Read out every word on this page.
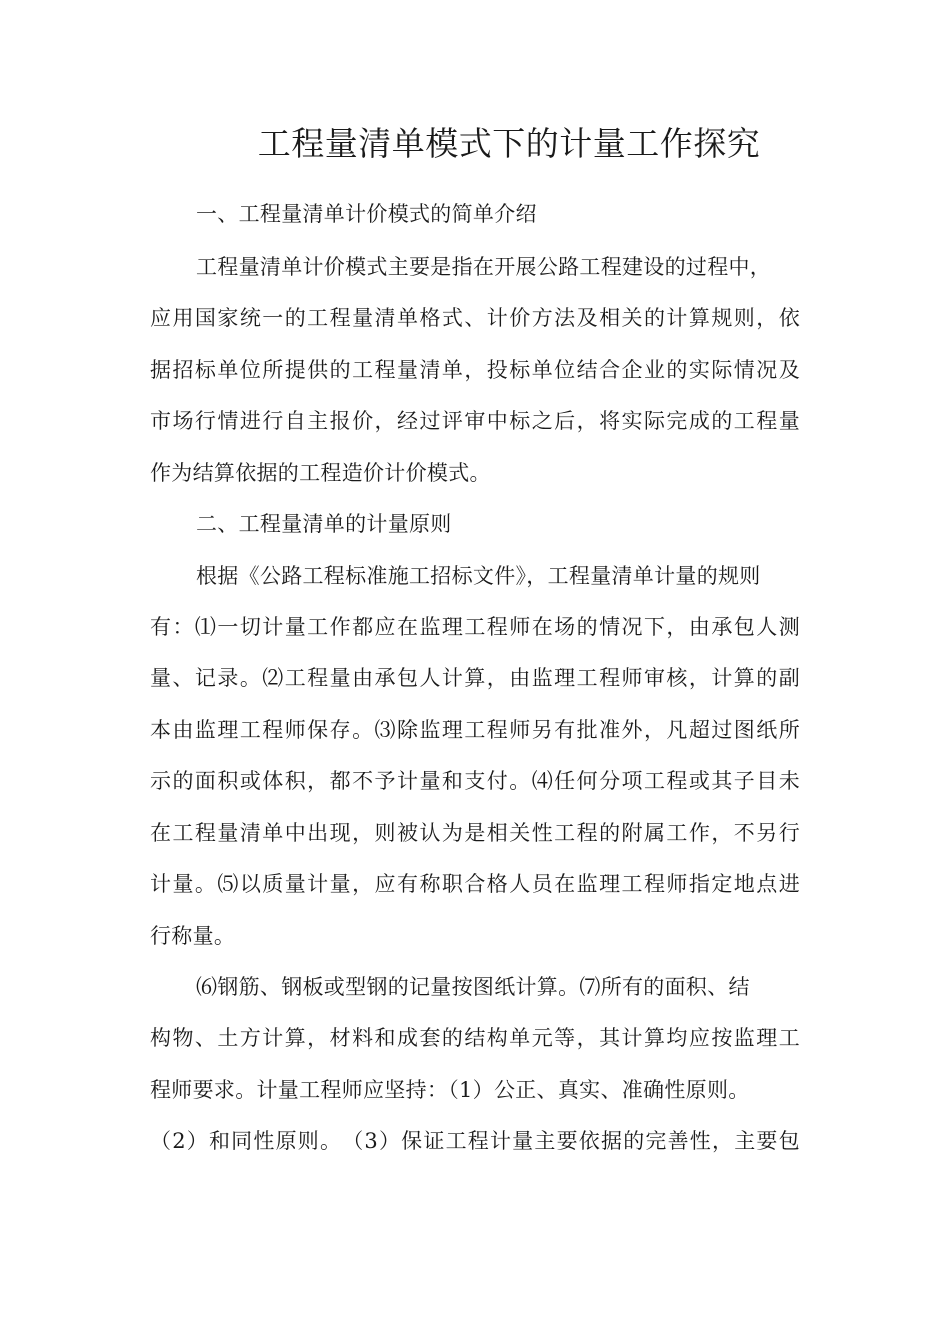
工程量清单模式下的计量工作探究
一、工程量清单计价模式的简单介绍
工程量清单计价模式主要是指在开展公路工程建设的过程中，
应 用 国 家 统 一 的 工 程 量 清 单 格 式 、 计 价 方 法 及 相 关 的 计 算 规 则 ， 依
据 招 标 单 位 所 提 供 的 工 程 量 清 单 ， 投 标 单 位 结 合 企 业 的 实 际 情 况 及
市 场 行 情 进 行 自 主 报 价 ， 经 过 评 审 中 标 之 后 ， 将 实 际 完 成 的 工 程 量
作为结算依据的工程造价计价模式。
二、工程量清单的计量原则
根据《公路工程标准施工招标文件》，工程量清单计量的规则
有 ： ⑴ 一 切 计 量 工 作 都 应 在 监 理 工 程 师 在 场 的 情 况 下 ， 由 承 包 人 测
量 、 记 录 。 ⑵ 工 程 量 由 承 包 人 计 算 ， 由 监 理 工 程 师 审 核 ， 计 算 的 副
本 由 监 理 工 程 师 保 存 。 ⑶ 除 监 理 工 程 师 另 有 批 准 外 ， 凡 超 过 图 纸 所
示 的 面 积 或 体 积 ， 都 不 予 计 量 和 支 付 。 ⑷ 任 何 分 项 工 程 或 其 子 目 未
在 工 程 量 清 单 中 出 现 ， 则 被 认 为 是 相 关 性 工 程 的 附 属 工 作 ， 不 另 行
计 量 。 ⑸ 以 质 量 计 量 ， 应 有 称 职 合 格 人 员 在 监 理 工 程 师 指 定 地 点 进
行称量。
⑹钢筋、钢板或型钢的记量按图纸计算。⑺所有的面积、结
构 物 、 土 方 计 算 ， 材 料 和 成 套 的 结 构 单 元 等 ， 其 计 算 均 应 按 监 理 工
程师要求。计量工程师应坚持：（1）公正、真实、准确性原则。
（ 2 ） 和 同 性 原 则 。 （ 3 ） 保 证 工 程 计 量 主 要 依 据 的 完 善 性 ， 主 要 包
